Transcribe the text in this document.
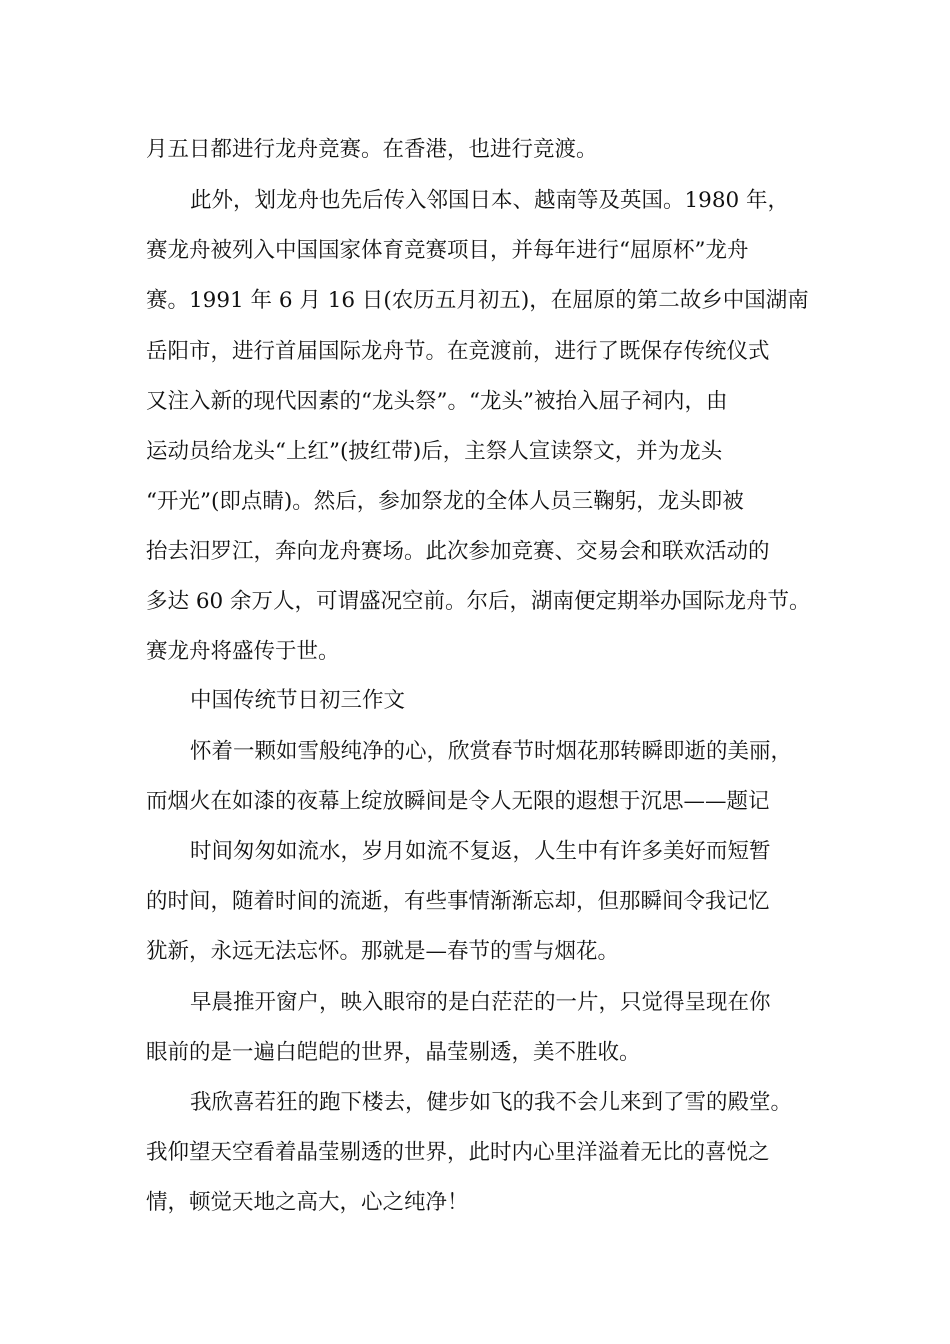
月五日都进行龙舟竞赛。在香港，也进行竞渡。
此外，划龙舟也先后传入邻国日本、越南等及英国。1980 年，
赛龙舟被列入中国国家体育竞赛项目，并每年进行“屈原杯”龙舟
赛。1991 年 6 月 16 日(农历五月初五)，在屈原的第二故乡中国湖南
岳阳市，进行首届国际龙舟节。在竞渡前，进行了既保存传统仪式
又注入新的现代因素的“龙头祭”。“龙头”被抬入屈子祠内，由
运动员给龙头“上红”(披红带)后，主祭人宣读祭文，并为龙头
“开光”(即点睛)。然后，参加祭龙的全体人员三鞠躬，龙头即被
抬去汨罗江，奔向龙舟赛场。此次参加竞赛、交易会和联欢活动的
多达 60 余万人，可谓盛况空前。尔后，湖南便定期举办国际龙舟节。
赛龙舟将盛传于世。
中国传统节日初三作文
怀着一颗如雪般纯净的心，欣赏春节时烟花那转瞬即逝的美丽，
而烟火在如漆的夜幕上绽放瞬间是令人无限的遐想于沉思——题记
时间匆匆如流水，岁月如流不复返，人生中有许多美好而短暂
的时间，随着时间的流逝，有些事情渐渐忘却，但那瞬间令我记忆
犹新，永远无法忘怀。那就是—春节的雪与烟花。
早晨推开窗户，映入眼帘的是白茫茫的一片，只觉得呈现在你
眼前的是一遍白皑皑的世界，晶莹剔透，美不胜收。
我欣喜若狂的跑下楼去，健步如飞的我不会儿来到了雪的殿堂。
我仰望天空看着晶莹剔透的世界，此时内心里洋溢着无比的喜悦之
情，顿觉天地之高大，心之纯净！
